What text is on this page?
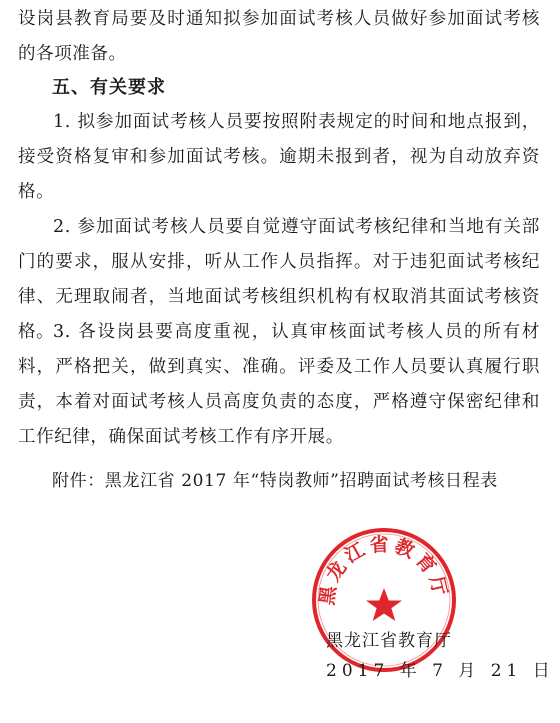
设岗县教育局要及时通知拟参加面试考核人员做好参加面试考核的各项准备。

五、有关要求

1. 拟参加面试考核人员要按照附表规定的时间和地点报到，接受资格复审和参加面试考核。逾期未报到者，视为自动放弃资格。

2. 参加面试考核人员要自觉遵守面试考核纪律和当地有关部门的要求，服从安排，听从工作人员指挥。对于违犯面试考核纪律、无理取闹者，当地面试考核组织机构有权取消其面试考核资格。

3. 各设岗县要高度重视，认真审核面试考核人员的所有材料，严格把关，做到真实、准确。评委及工作人员要认真履行职责，本着对面试考核人员高度负责的态度，严格遵守保密纪律和工作纪律，确保面试考核工作有序开展。

附件：黑龙江省 2017 年“特岗教师”招聘面试考核日程表
黑龙江省教育厅
黑龙江省教育厅
2017 年 7 月 21 日
